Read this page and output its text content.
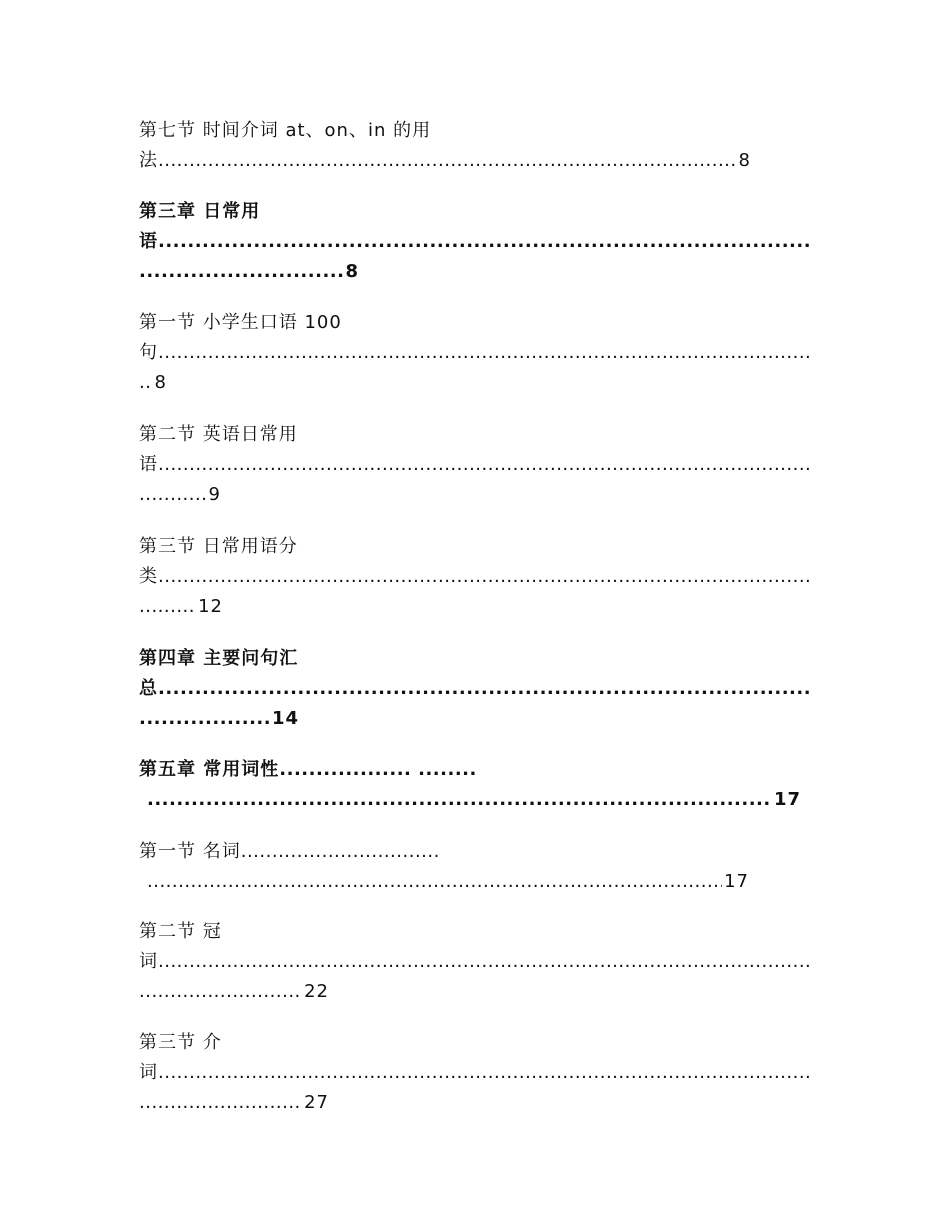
第七节 时间介词 at、on、in 的用
法
.....	8
第三章 日常用
语 .....
.....
8
第一节 小学生口语 100
句 .....
.....
8
第二节 英语日常用
语 .....
.....
9
第三节 日常用语分
类 .....
.....
12
第四章 主要问句汇
总 .....
.....
14
第五章 常用词性.................. ........
.....
17
第一节 名词................................
.....
17
第二节 冠
词 .....
.....
22
第三节 介
词 .....
.....
27
